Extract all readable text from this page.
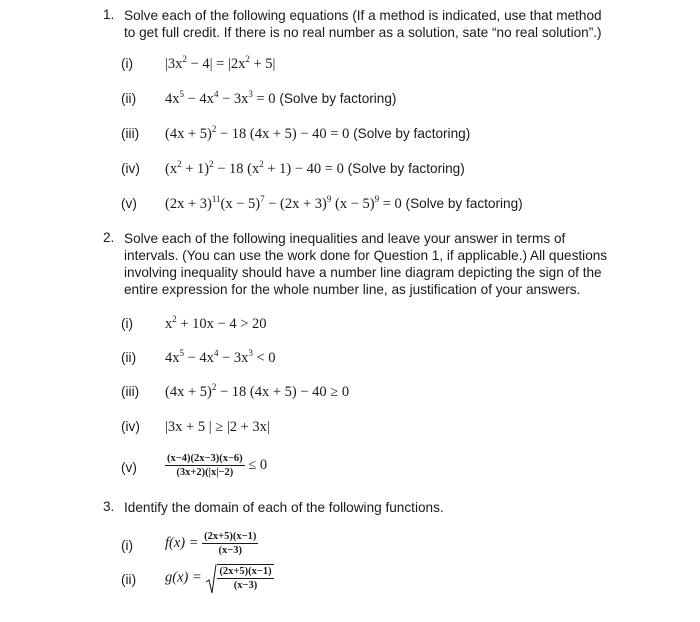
1. Solve each of the following equations (If a method is indicated, use that method
to get full credit. If there is no real number as a solution, sate “no real solution”.)
(i) $|3x^2 - 4| = |2x^2 + 5|$
(ii) $4x^5 - 4x^4 - 3x^3 = 0$ (Solve by factoring)
(iii) $(4x + 5)^2 - 18$ (4x + 5) − 40 = 0 (Solve by factoring)
(iv) $(x^2 + 1)^2 - 18$ $(x^2 + 1) - 40 = 0$ (Solve by factoring)
(v) $(2x + 3)^{11}(x - 5)^7 - (2x + 3)^9$ $(x - 5)^9 = 0$ (Solve by factoring)
2. Solve each of the following inequalities and leave your answer in terms of
intervals. (You can use the work done for Question 1, if applicable.) All questions
involving inequality should have a number line diagram depicting the sign of the
entire expression for the whole number line, as justification of your answers.
(i) $x^2 + 10x - 4 > 20$
(ii) $4x^5 - 4x^4 - 3x^3 < 0$
(iii) $(4x + 5)^2 - 18$ (4x + 5) − 40 ≥ 0
(iv) |3x + 5 | ≥ |2 + 3x|
(v)	$\frac{(x-4)(2x-3)(x-6)}{(3x+2)(|x|-2)} \le 0$
3. Identify the domain of each of the following functions.
(i) $f(x) = \frac{(2x+5)(x-1)}{(x-3)}$
(ii) $g(x) = \frac{(2x+5)(x-1)}{(x-3)}$
